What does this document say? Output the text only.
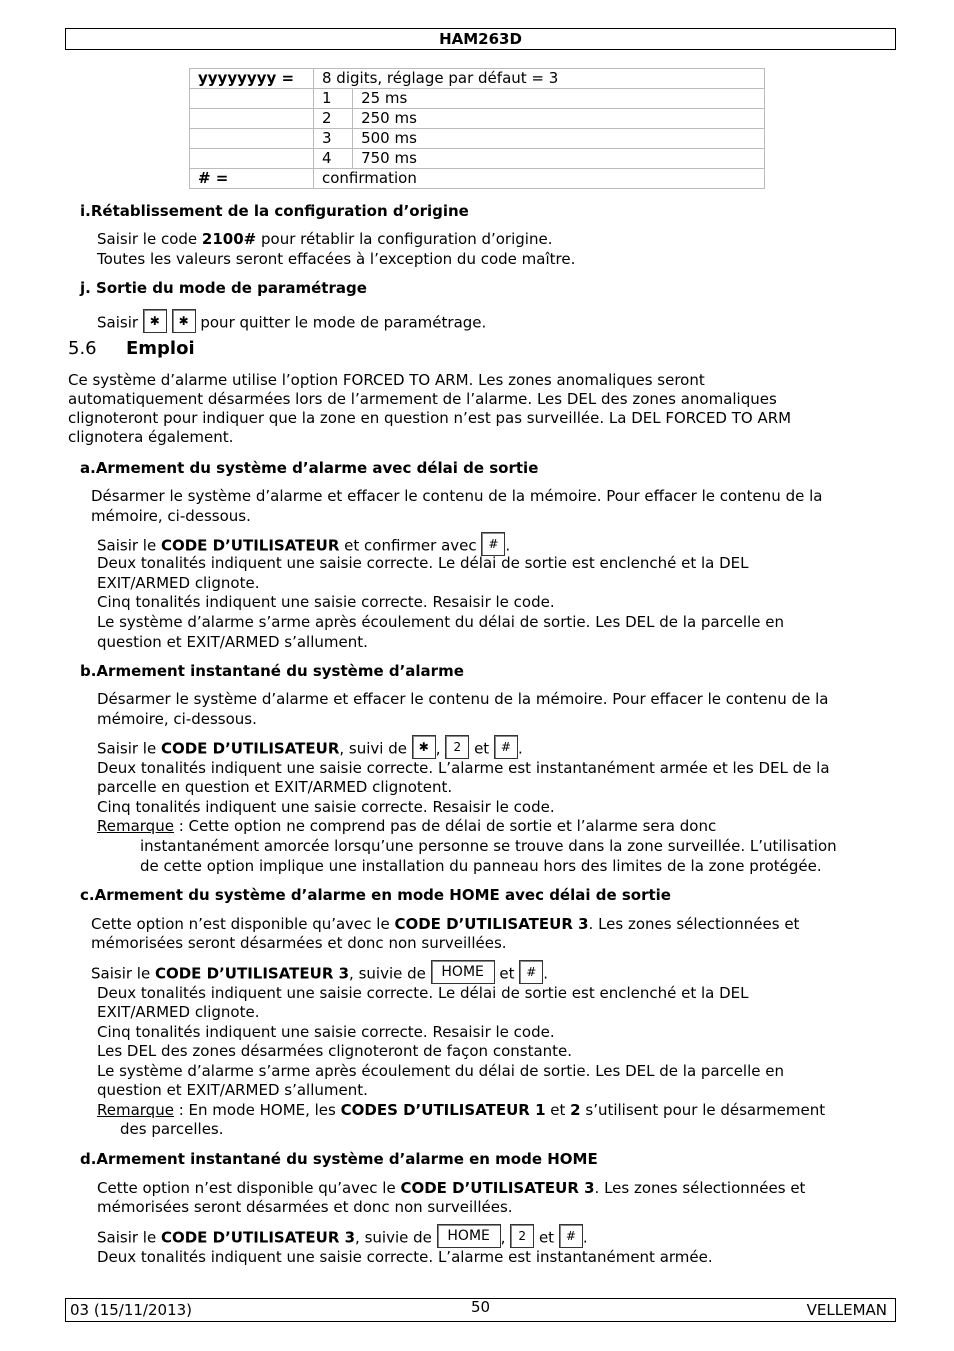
HAM263D
yyyyyyyy =	8 digits, réglage par défaut = 3	
	1	25 ms
	2	250 ms
	3	500 ms
	4	750 ms
# =	confirmation	
i.Rétablissement de la configuration d’origine
Saisir le code 2100# pour rétablir la configuration d’origine.
Toutes les valeurs seront effacées à l’exception du code maître.
j. Sortie du mode de paramétrage
Saisir ✱ ✱ pour quitter le mode de paramétrage.
5.6 Emploi
Ce système d’alarme utilise l’option FORCED TO ARM. Les zones anomaliques seront
automatiquement désarmées lors de l’armement de l’alarme. Les DEL des zones anomaliques
clignoteront pour indiquer que la zone en question n’est pas surveillée. La DEL FORCED TO ARM
clignotera également.
a.Armement du système d’alarme avec délai de sortie
Désarmer le système d’alarme et effacer le contenu de la mémoire. Pour effacer le contenu de la
mémoire, ci-dessous.
Saisir le CODE D’UTILISATEUR et confirmer avec # .
Deux tonalités indiquent une saisie correcte. Le délai de sortie est enclenché et la DEL
EXIT/ARMED clignote.
Cinq tonalités indiquent une saisie correcte. Resaisir le code.
Le système d’alarme s’arme après écoulement du délai de sortie. Les DEL de la parcelle en
question et EXIT/ARMED s’allument.
b.Armement instantané du système d’alarme
Désarmer le système d’alarme et effacer le contenu de la mémoire. Pour effacer le contenu de la
mémoire, ci-dessous.
Saisir le CODE D’UTILISATEUR, suivi de ✱ , 2 et # .
Deux tonalités indiquent une saisie correcte. L’alarme est instantanément armée et les DEL de la
parcelle en question et EXIT/ARMED clignotent.
Cinq tonalités indiquent une saisie correcte. Resaisir le code.
Remarque : Cette option ne comprend pas de délai de sortie et l’alarme sera donc
instantanément amorcée lorsqu’une personne se trouve dans la zone surveillée. L’utilisation
de cette option implique une installation du panneau hors des limites de la zone protégée.
c.Armement du système d’alarme en mode HOME avec délai de sortie
Cette option n’est disponible qu’avec le CODE D’UTILISATEUR 3. Les zones sélectionnées et
mémorisées seront désarmées et donc non surveillées.
Saisir le CODE D’UTILISATEUR 3, suivie de HOME et # .
Deux tonalités indiquent une saisie correcte. Le délai de sortie est enclenché et la DEL
EXIT/ARMED clignote.
Cinq tonalités indiquent une saisie correcte. Resaisir le code.
Les DEL des zones désarmées clignoteront de façon constante.
Le système d’alarme s’arme après écoulement du délai de sortie. Les DEL de la parcelle en
question et EXIT/ARMED s’allument.
Remarque : En mode HOME, les CODES D’UTILISATEUR 1 et 2 s’utilisent pour le désarmement
des parcelles.
d.Armement instantané du système d’alarme en mode HOME
Cette option n’est disponible qu’avec le CODE D’UTILISATEUR 3. Les zones sélectionnées et
mémorisées seront désarmées et donc non surveillées.
Saisir le CODE D’UTILISATEUR 3, suivie de HOME , 2 et # .
Deux tonalités indiquent une saisie correcte. L’alarme est instantanément armée.
03 (15/11/2013)	50	VELLEMAN
